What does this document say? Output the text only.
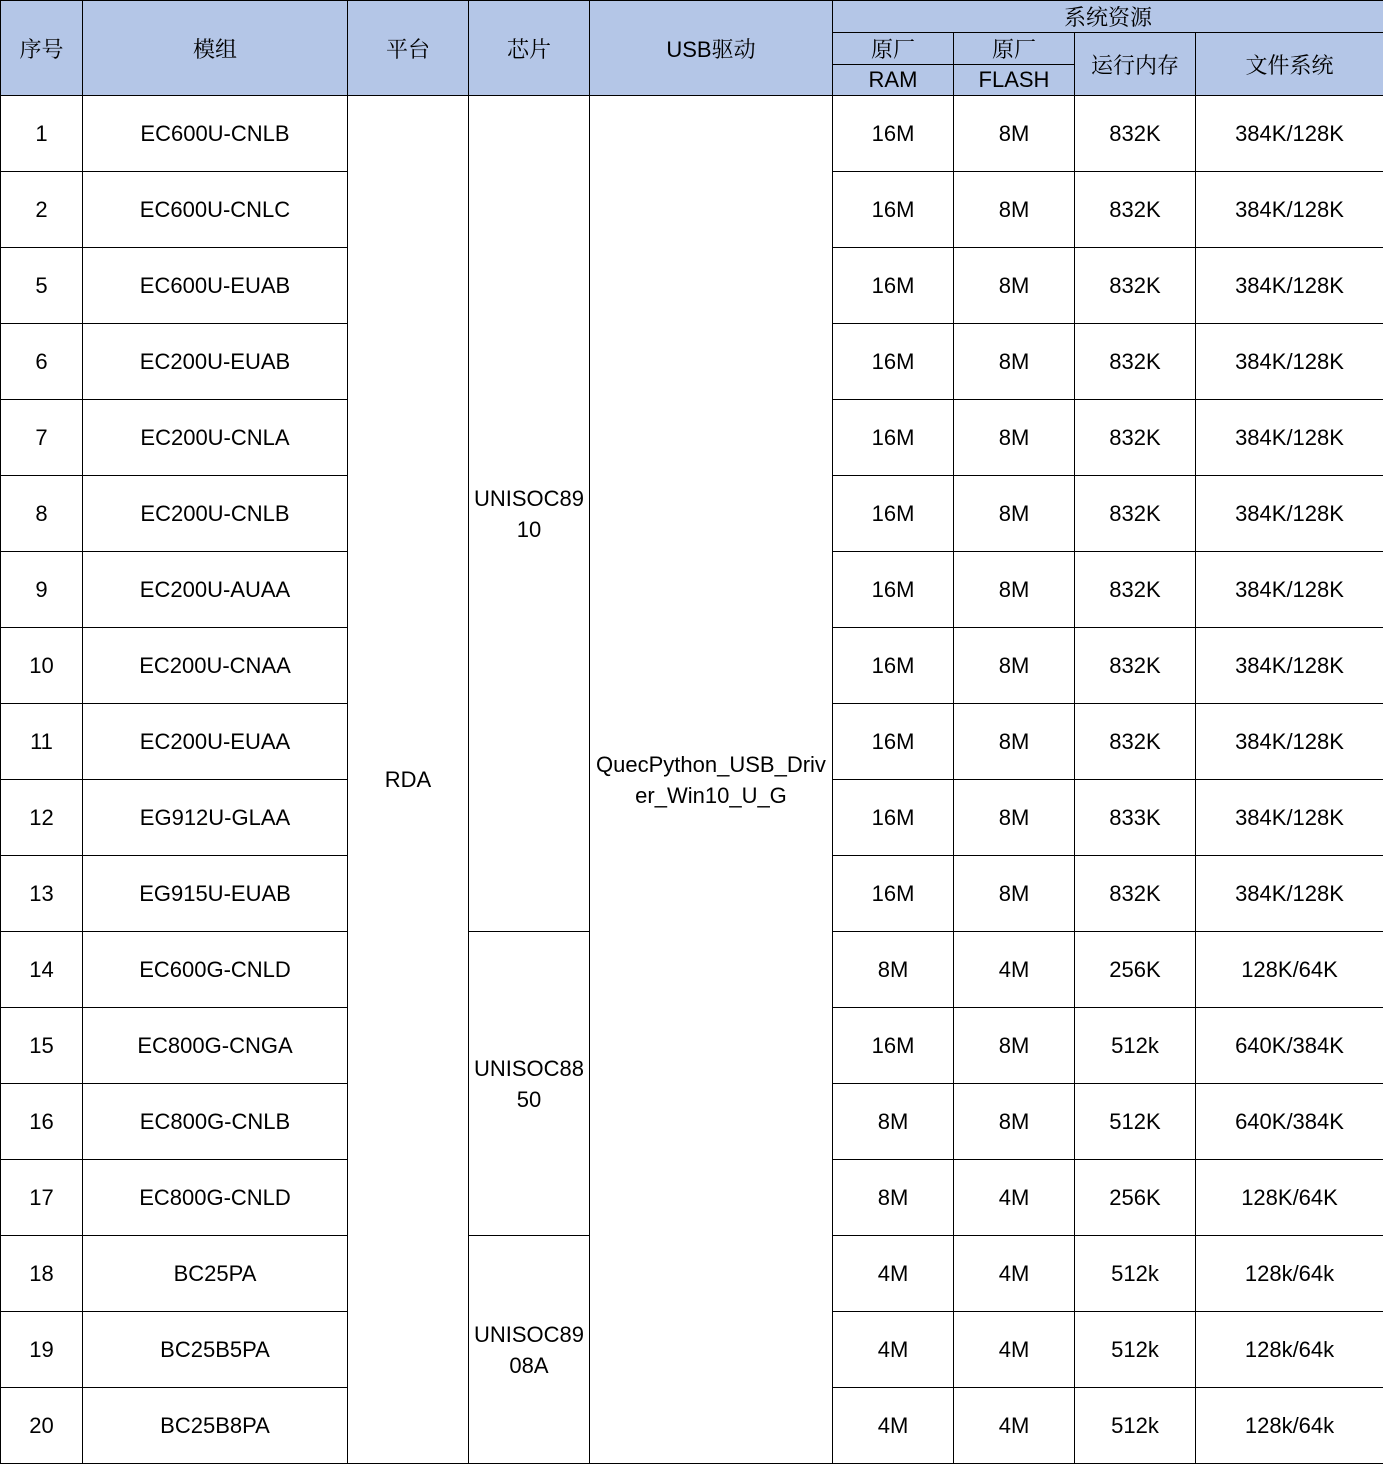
序号	模组	平台	芯片	USB驱动	系统资源			
					原厂	原厂	运行内存	文件系统
					RAM	FLASH		
1	EC600U-CNLB	RDA	UNISOC8910	QuecPython_USB_Driver_Win10_U_G	16M	8M	832K	384K/128K
2	EC600U-CNLC				16M	8M	832K	384K/128K
5	EC600U-EUAB				16M	8M	832K	384K/128K
6	EC200U-EUAB				16M	8M	832K	384K/128K
7	EC200U-CNLA				16M	8M	832K	384K/128K
8	EC200U-CNLB				16M	8M	832K	384K/128K
9	EC200U-AUAA				16M	8M	832K	384K/128K
10	EC200U-CNAA				16M	8M	832K	384K/128K
11	EC200U-EUAA				16M	8M	832K	384K/128K
12	EG912U-GLAA				16M	8M	833K	384K/128K
13	EG915U-EUAB				16M	8M	832K	384K/128K
14	EC600G-CNLD		UNISOC8850		8M	4M	256K	128K/64K
15	EC800G-CNGA				16M	8M	512k	640K/384K
16	EC800G-CNLB				8M	8M	512K	640K/384K
17	EC800G-CNLD				8M	4M	256K	128K/64K
18	BC25PA		UNISOC8908A		4M	4M	512k	128k/64k
19	BC25B5PA				4M	4M	512k	128k/64k
20	BC25B8PA				4M	4M	512k	128k/64k
